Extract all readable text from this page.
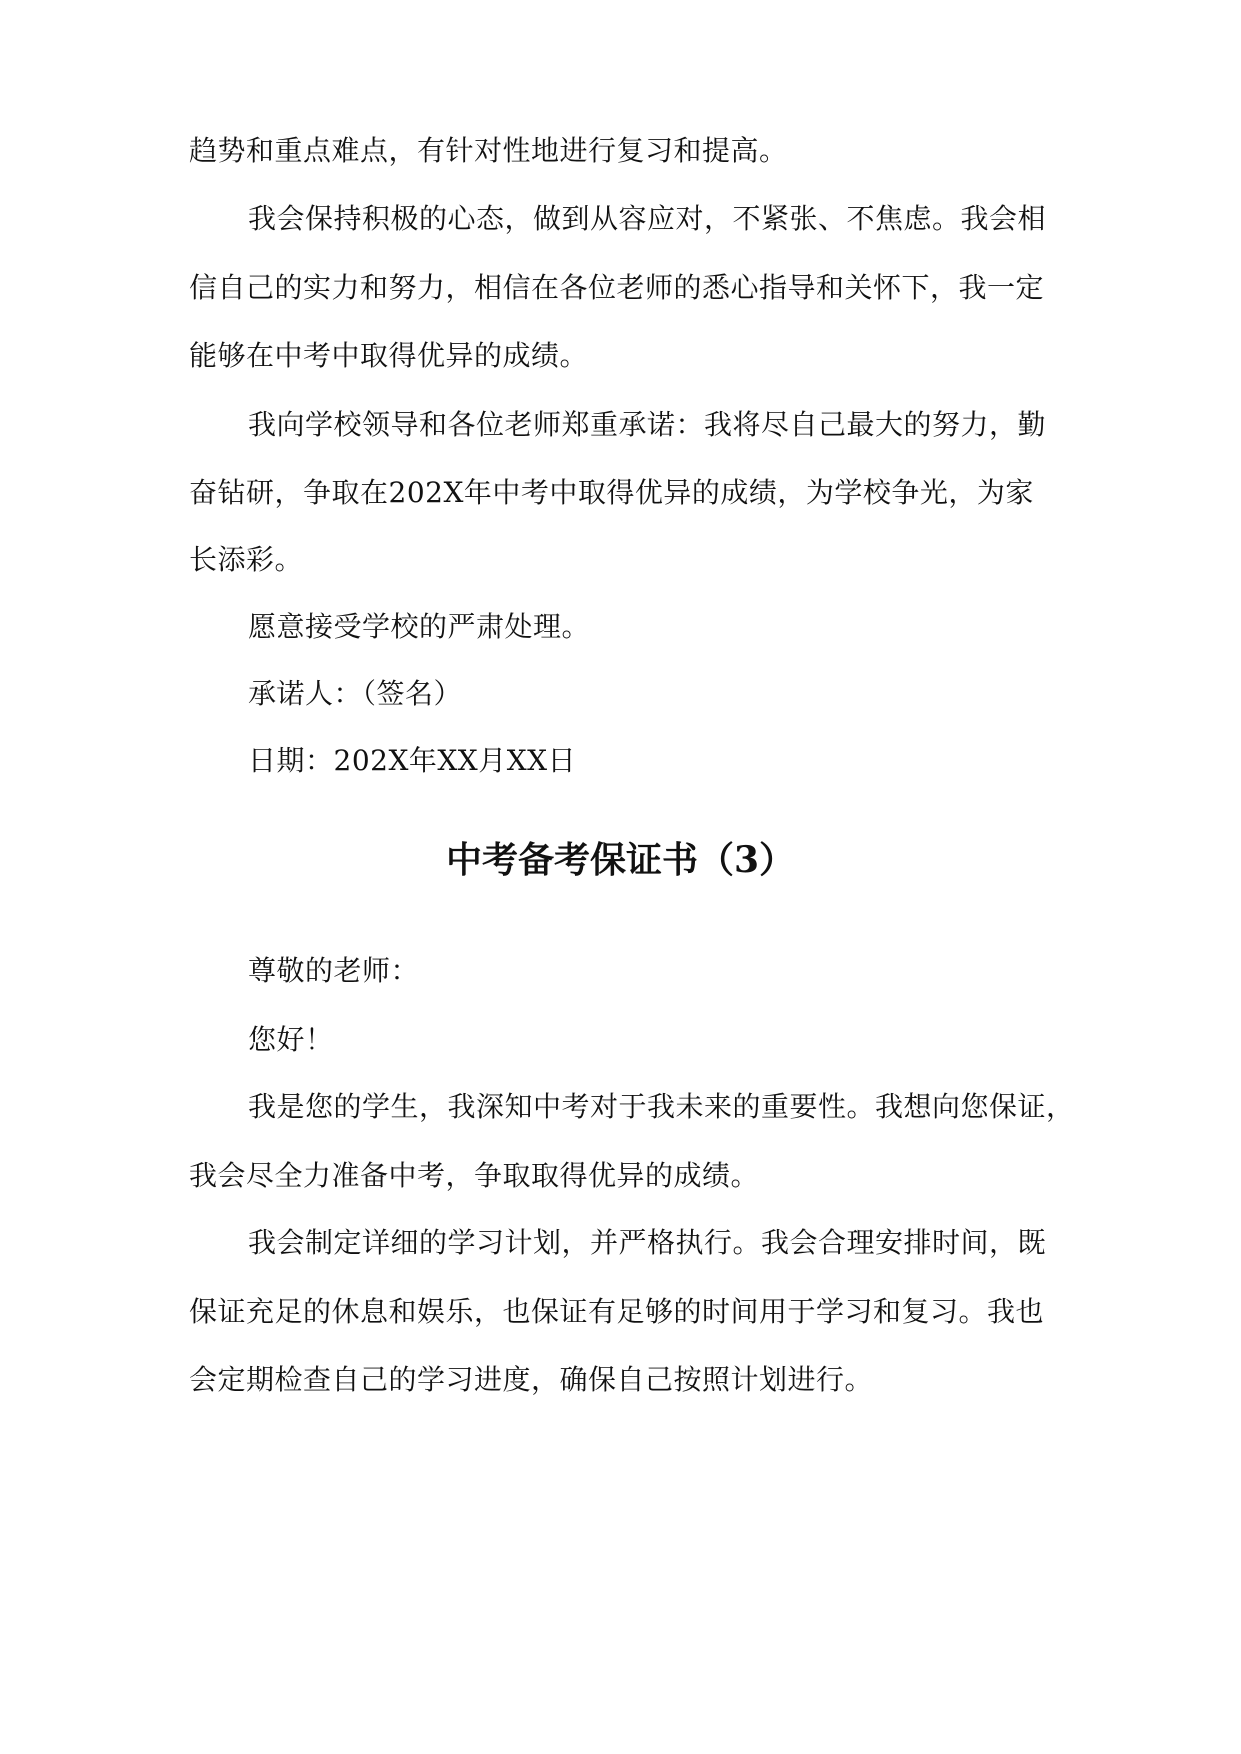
趋势和重点难点，有针对性地进行复习和提高。
我会保持积极的心态，做到从容应对，不紧张、不焦虑。我会相
信自己的实力和努力，相信在各位老师的悉心指导和关怀下，我一定
能够在中考中取得优异的成绩。
我向学校领导和各位老师郑重承诺：我将尽自己最大的努力，勤
奋钻研，争取在202X年中考中取得优异的成绩，为学校争光，为家
长添彩。
愿意接受学校的严肃处理。
承诺人：（签名）
日期：202X年XX月XX日
中考备考保证书（3）
尊敬的老师：
您好！
我是您的学生，我深知中考对于我未来的重要性。我想向您保证，
我会尽全力准备中考，争取取得优异的成绩。
我会制定详细的学习计划，并严格执行。我会合理安排时间，既
保证充足的休息和娱乐，也保证有足够的时间用于学习和复习。我也
会定期检查自己的学习进度，确保自己按照计划进行。
